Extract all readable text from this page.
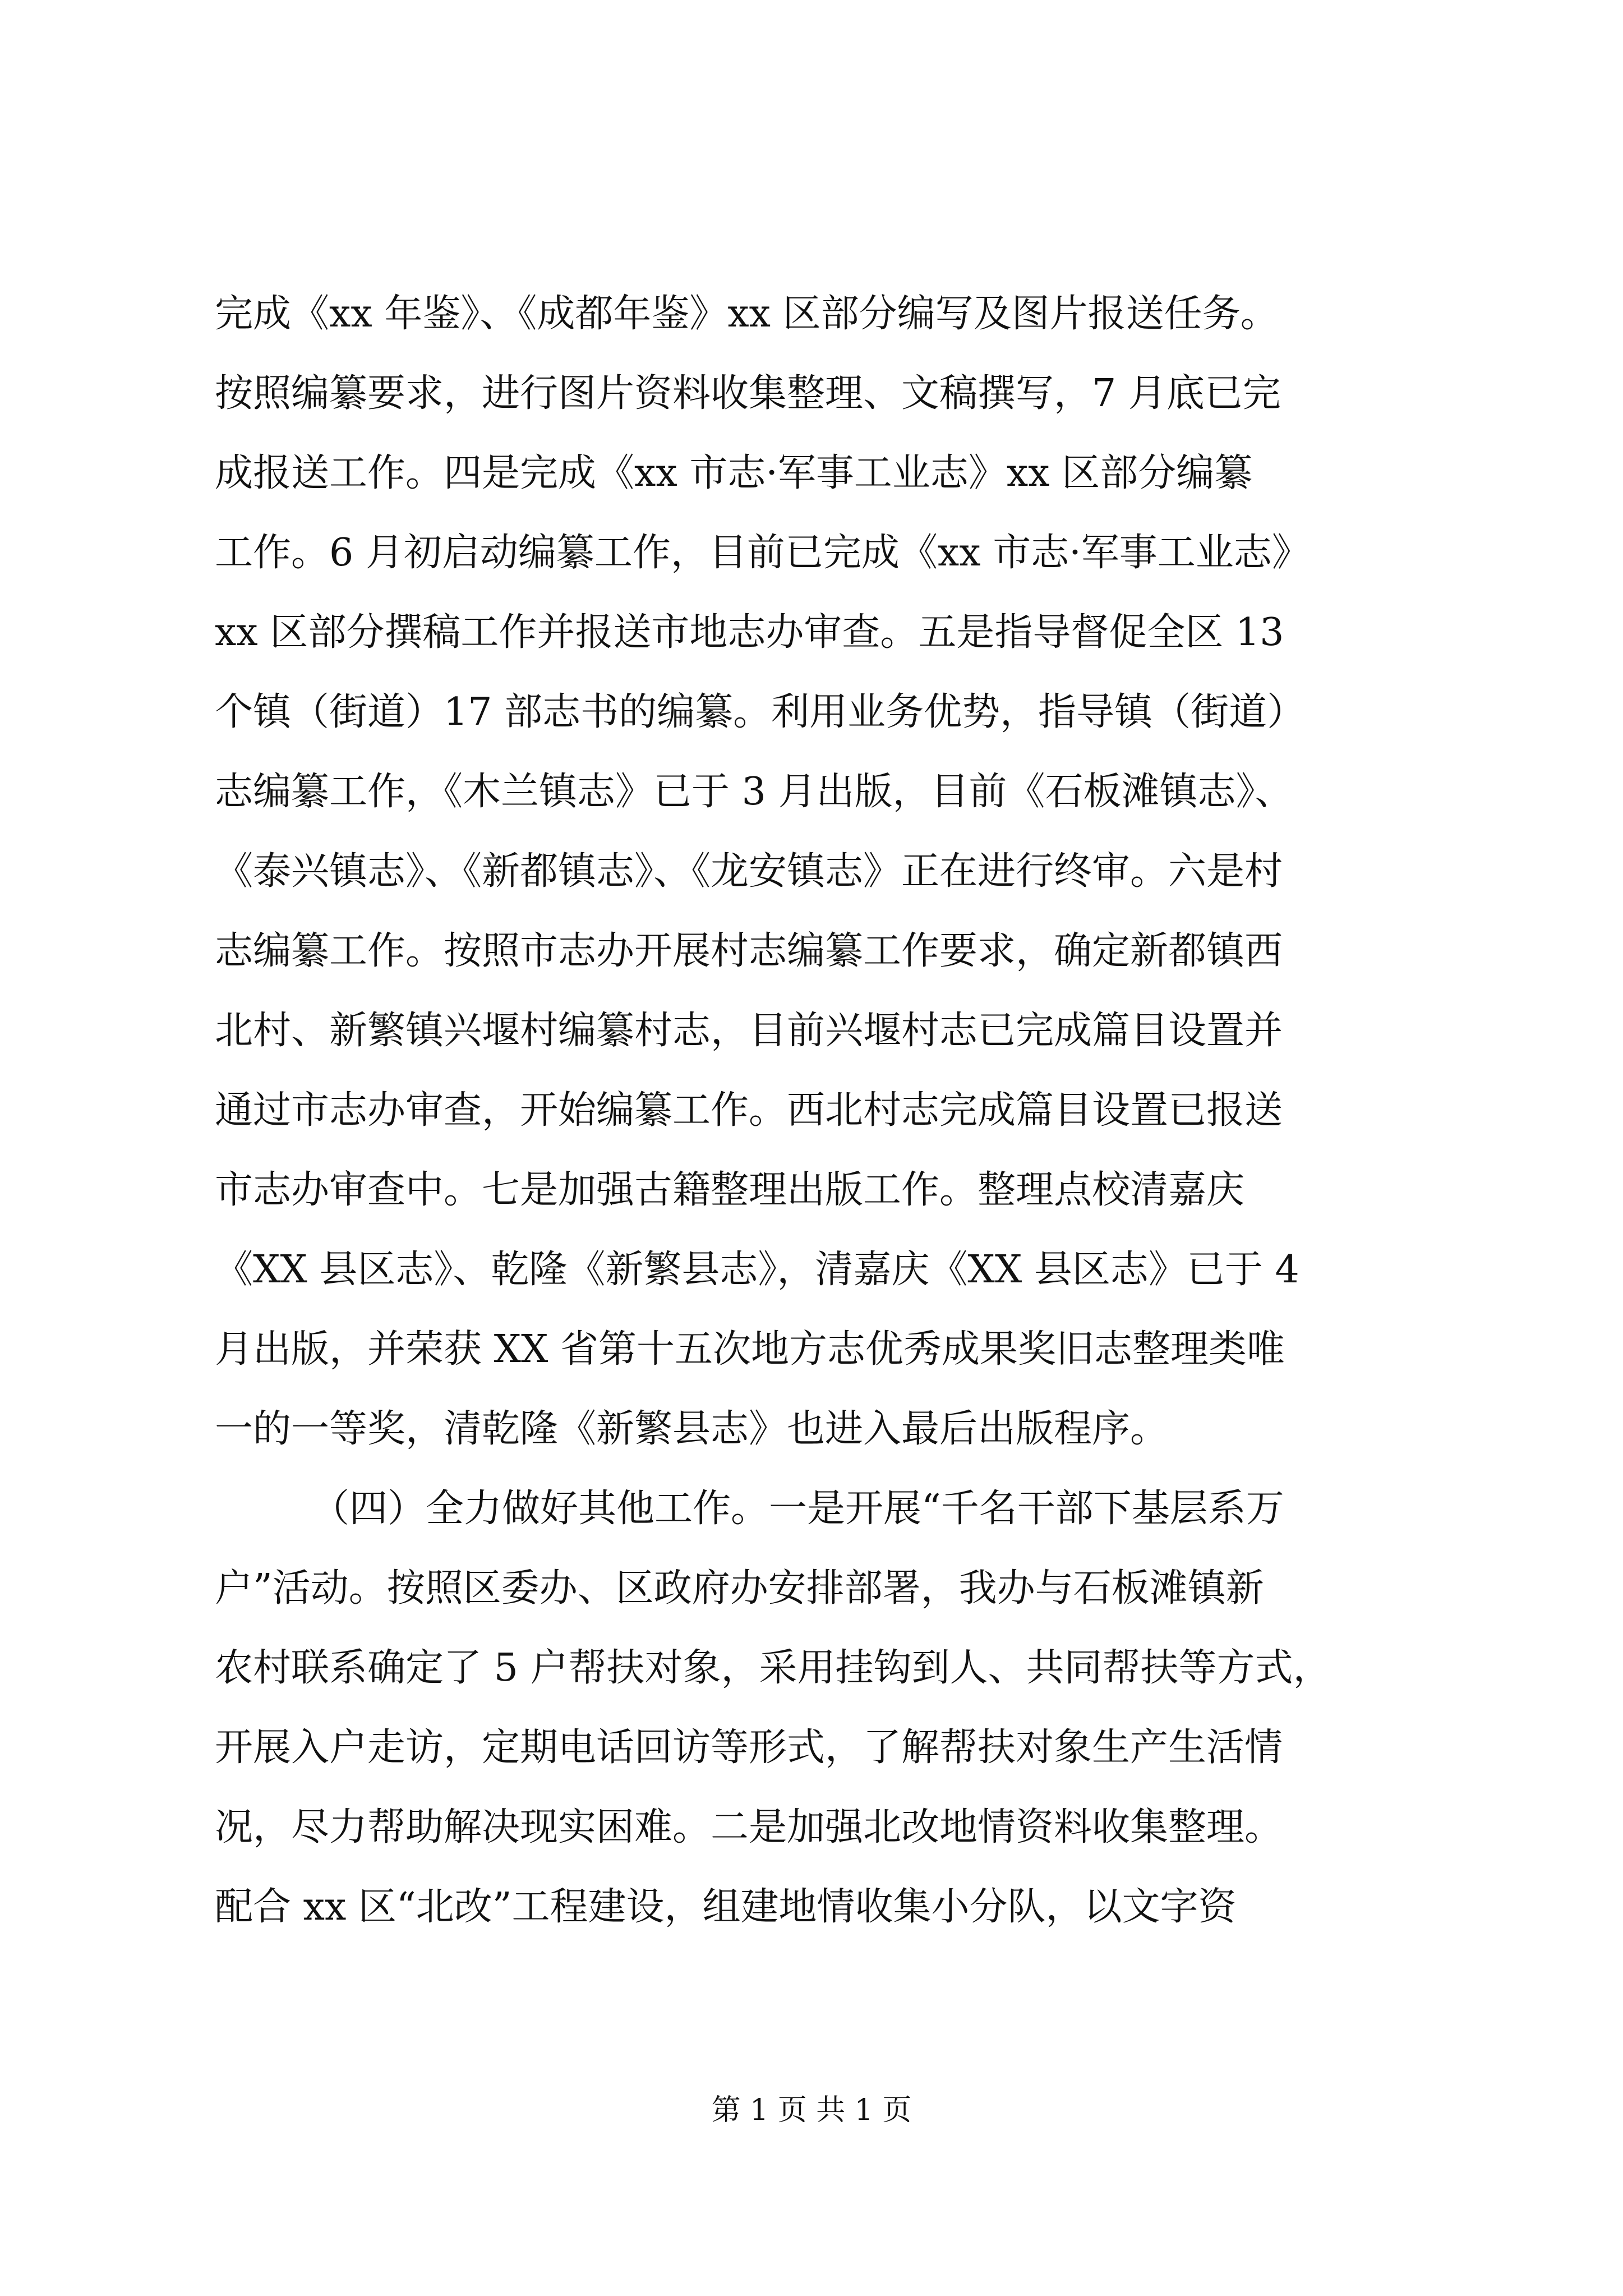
完成《xx 年鉴》、《成都年鉴》xx 区部分编写及图片报送任务。
按照编纂要求，进行图片资料收集整理、文稿撰写，7 月底已完
成报送工作。四是完成《xx 市志·军事工业志》xx 区部分编纂
工作。6 月初启动编纂工作，目前已完成《xx 市志·军事工业志》
xx 区部分撰稿工作并报送市地志办审查。五是指导督促全区 13
个镇（街道）17 部志书的编纂。利用业务优势，指导镇（街道）
志编纂工作，《木兰镇志》已于 3 月出版，目前《石板滩镇志》、
《泰兴镇志》、《新都镇志》、《龙安镇志》正在进行终审。六是村
志编纂工作。按照市志办开展村志编纂工作要求，确定新都镇西
北村、新繁镇兴堰村编纂村志，目前兴堰村志已完成篇目设置并
通过市志办审查，开始编纂工作。西北村志完成篇目设置已报送
市志办审查中。七是加强古籍整理出版工作。整理点校清嘉庆
《XX 县区志》、乾隆《新繁县志》，清嘉庆《XX 县区志》已于 4
月出版，并荣获 XX 省第十五次地方志优秀成果奖旧志整理类唯
一的一等奖，清乾隆《新繁县志》也进入最后出版程序。
（四）全力做好其他工作。一是开展“千名干部下基层系万
户”活动。按照区委办、区政府办安排部署，我办与石板滩镇新
农村联系确定了 5 户帮扶对象，采用挂钩到人、共同帮扶等方式，
开展入户走访，定期电话回访等形式，了解帮扶对象生产生活情
况，尽力帮助解决现实困难。二是加强北改地情资料收集整理。
配合 xx 区“北改”工程建设，组建地情收集小分队，以文字资
第 1 页 共 1 页
